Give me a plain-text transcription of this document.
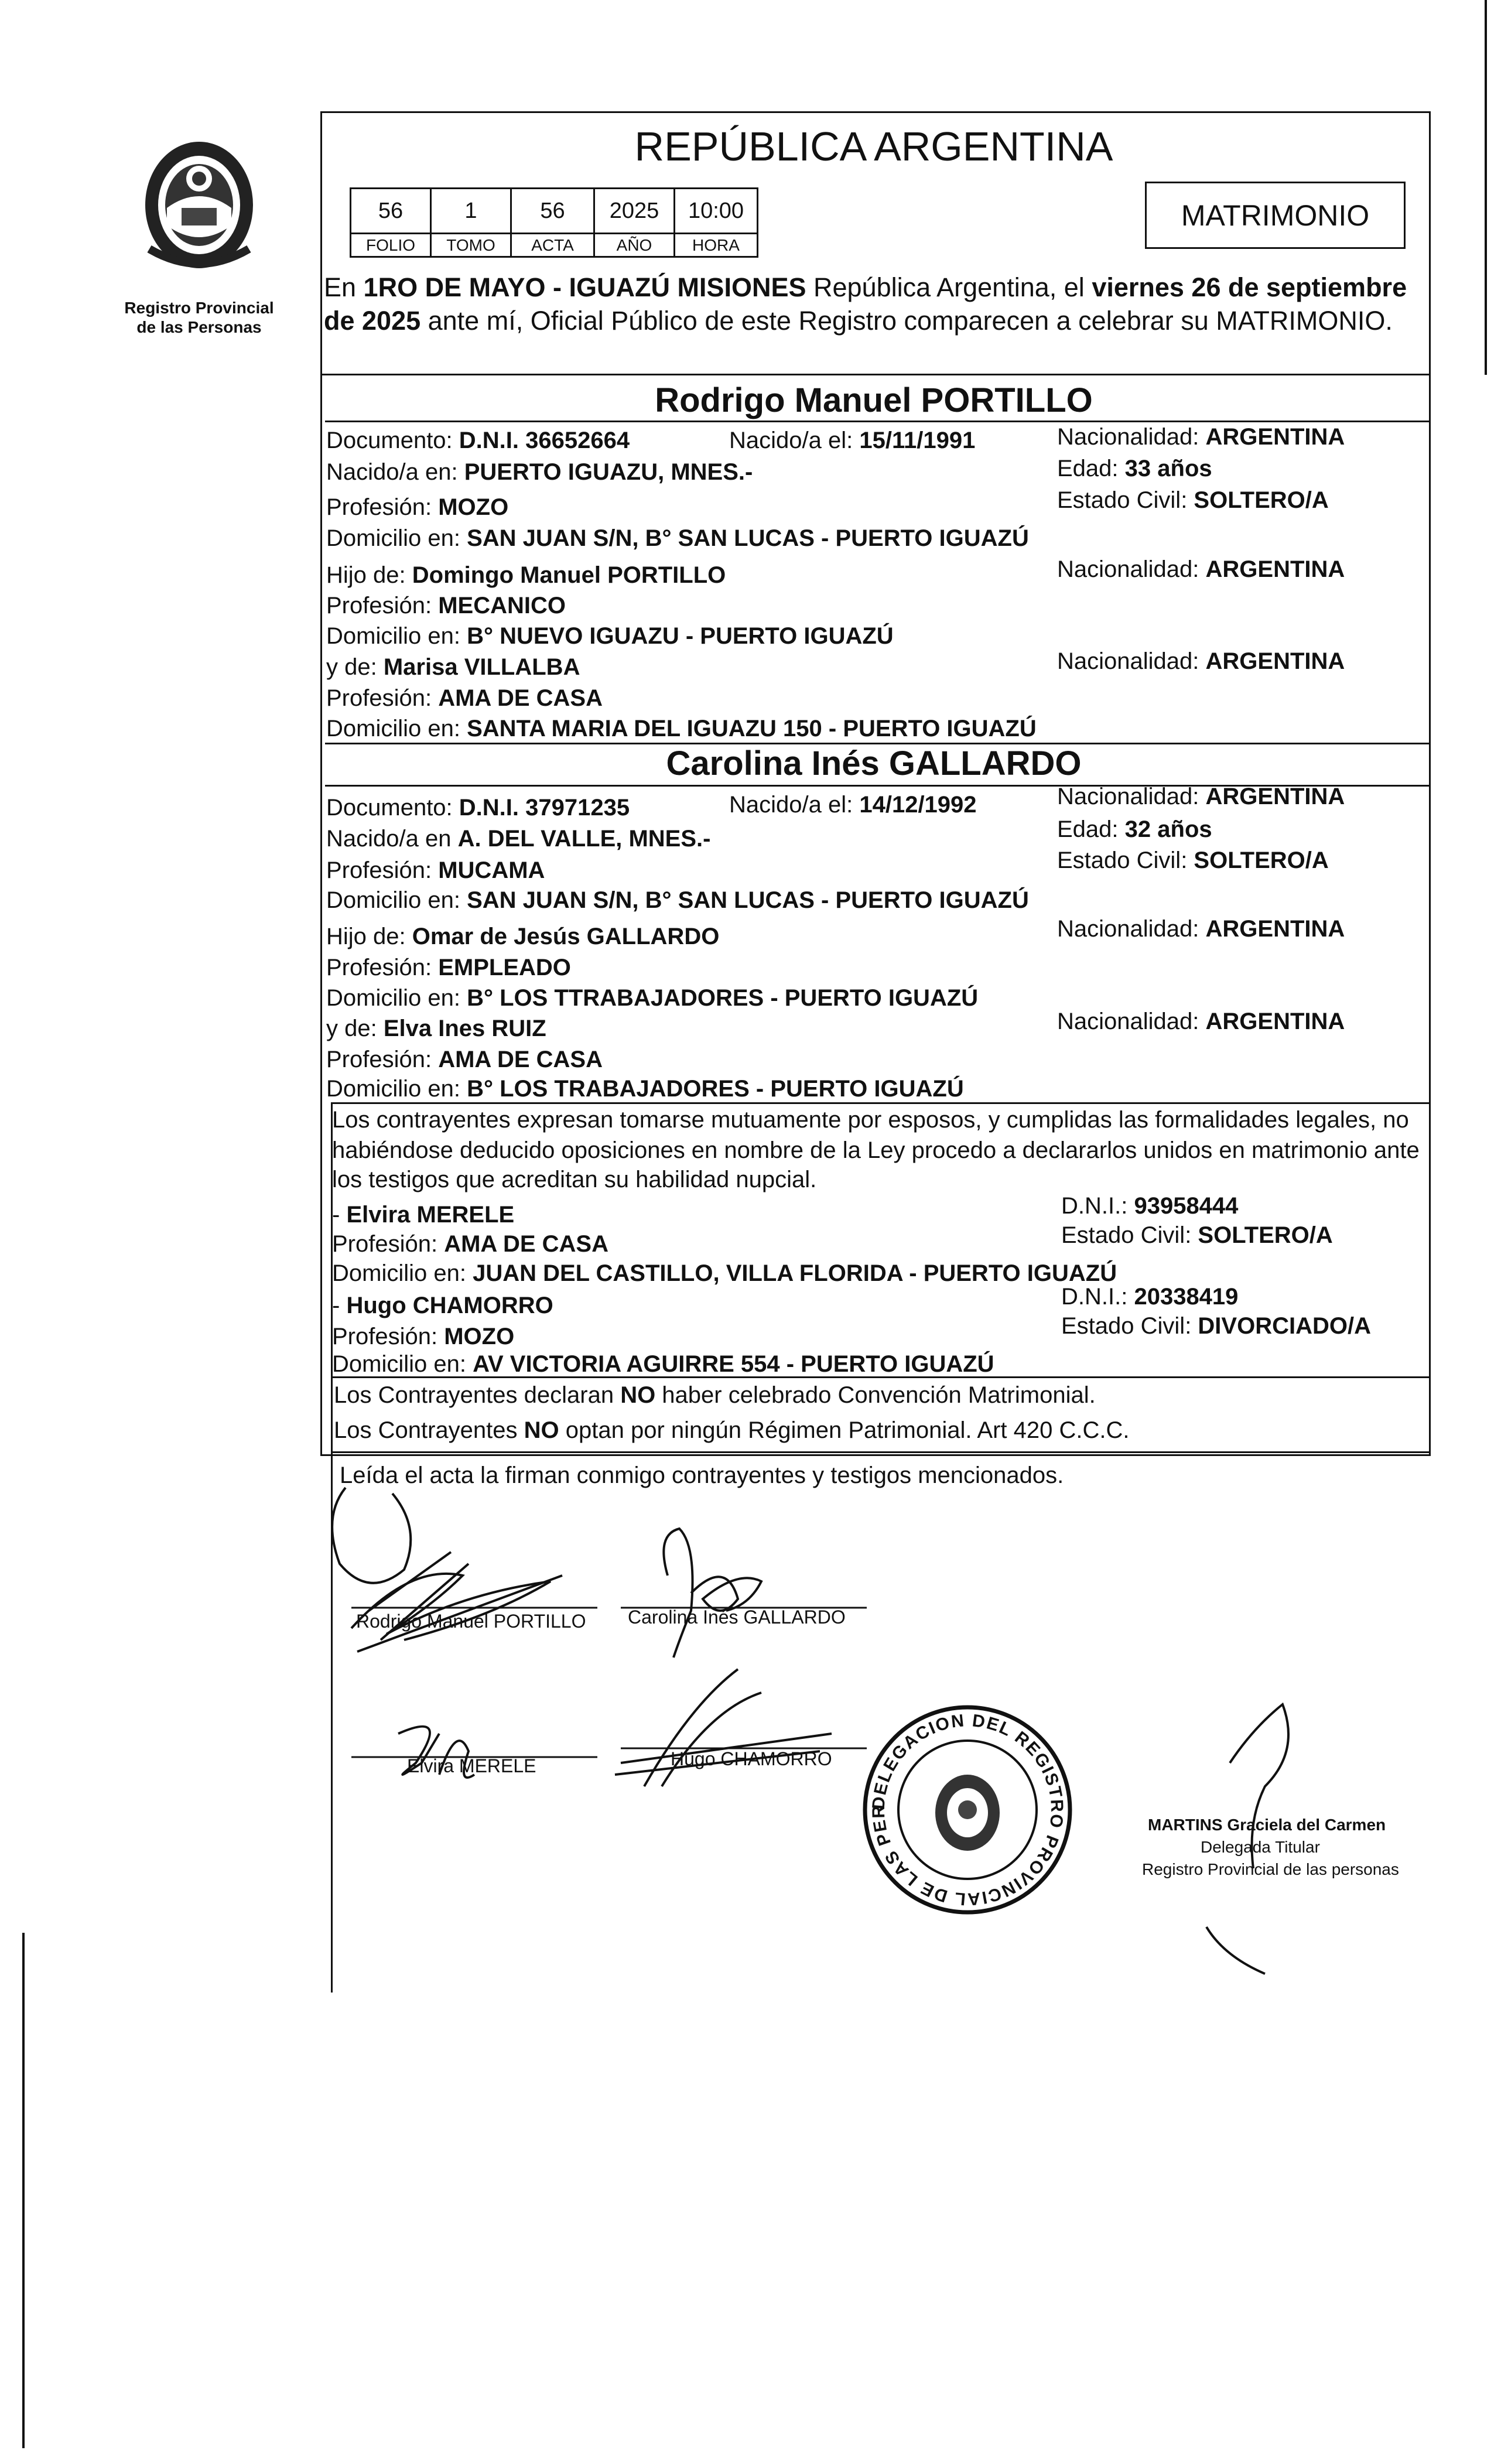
Registro Provincial
de las Personas
REPÚBLICA ARGENTINA
56	1	56	2025	10:00
FOLIO	TOMO	ACTA	AÑO	HORA
MATRIMONIO
En 1RO DE MAYO - IGUAZÚ MISIONES República Argentina, el viernes 26 de septiembre
de 2025 ante mí, Oficial Público de este Registro comparecen a celebrar su MATRIMONIO.
Rodrigo Manuel PORTILLO
Documento: D.N.I. 36652664	Nacido/a el: 15/11/1991	Nacionalidad: ARGENTINA
Nacido/a en: PUERTO IGUAZU, MNES.-	Edad: 33 años
Profesión: MOZO	Estado Civil: SOLTERO/A
Domicilio en: SAN JUAN S/N, B° SAN LUCAS - PUERTO IGUAZÚ
Hijo de: Domingo Manuel PORTILLO	Nacionalidad: ARGENTINA
Profesión: MECANICO
Domicilio en: B° NUEVO IGUAZU - PUERTO IGUAZÚ
y de: Marisa VILLALBA	Nacionalidad: ARGENTINA
Profesión: AMA DE CASA
Domicilio en: SANTA MARIA DEL IGUAZU 150 - PUERTO IGUAZÚ
Carolina Inés GALLARDO
Documento: D.N.I. 37971235	Nacido/a el: 14/12/1992	Nacionalidad: ARGENTINA
Nacido/a en A. DEL VALLE, MNES.-	Edad: 32 años
Profesión: MUCAMA	Estado Civil: SOLTERO/A
Domicilio en: SAN JUAN S/N, B° SAN LUCAS - PUERTO IGUAZÚ
Hijo de: Omar de Jesús GALLARDO	Nacionalidad: ARGENTINA
Profesión: EMPLEADO
Domicilio en: B° LOS TTRABAJADORES - PUERTO IGUAZÚ
y de: Elva Ines RUIZ	Nacionalidad: ARGENTINA
Profesión: AMA DE CASA
Domicilio en: B° LOS TRABAJADORES - PUERTO IGUAZÚ
Los contrayentes expresan tomarse mutuamente por esposos, y cumplidas las formalidades legales, no
habiéndose deducido oposiciones en nombre de la Ley procedo a declararlos unidos en matrimonio ante
los testigos que acreditan su habilidad nupcial.
- Elvira MERELE	D.N.I.: 93958444
Profesión: AMA DE CASA	Estado Civil: SOLTERO/A
Domicilio en: JUAN DEL CASTILLO, VILLA FLORIDA - PUERTO IGUAZÚ
- Hugo CHAMORRO	D.N.I.: 20338419
Profesión: MOZO	Estado Civil: DIVORCIADO/A
Domicilio en: AV VICTORIA AGUIRRE 554 - PUERTO IGUAZÚ
Los Contrayentes declaran NO haber celebrado Convención Matrimonial.
Los Contrayentes NO optan por ningún Régimen Patrimonial. Art 420 C.C.C.
Leída el acta la firman conmigo contrayentes y testigos mencionados.
Rodrigo Manuel PORTILLO Carolina Inés GALLARDO
Elvira MERELE	Hugo CHAMORRO
DELEGACION DEL REGISTRO PROVINCIAL DE LAS PER
MARTINS Graciela del Carmen
Delegada Titular
Registro Provincial de las personas
